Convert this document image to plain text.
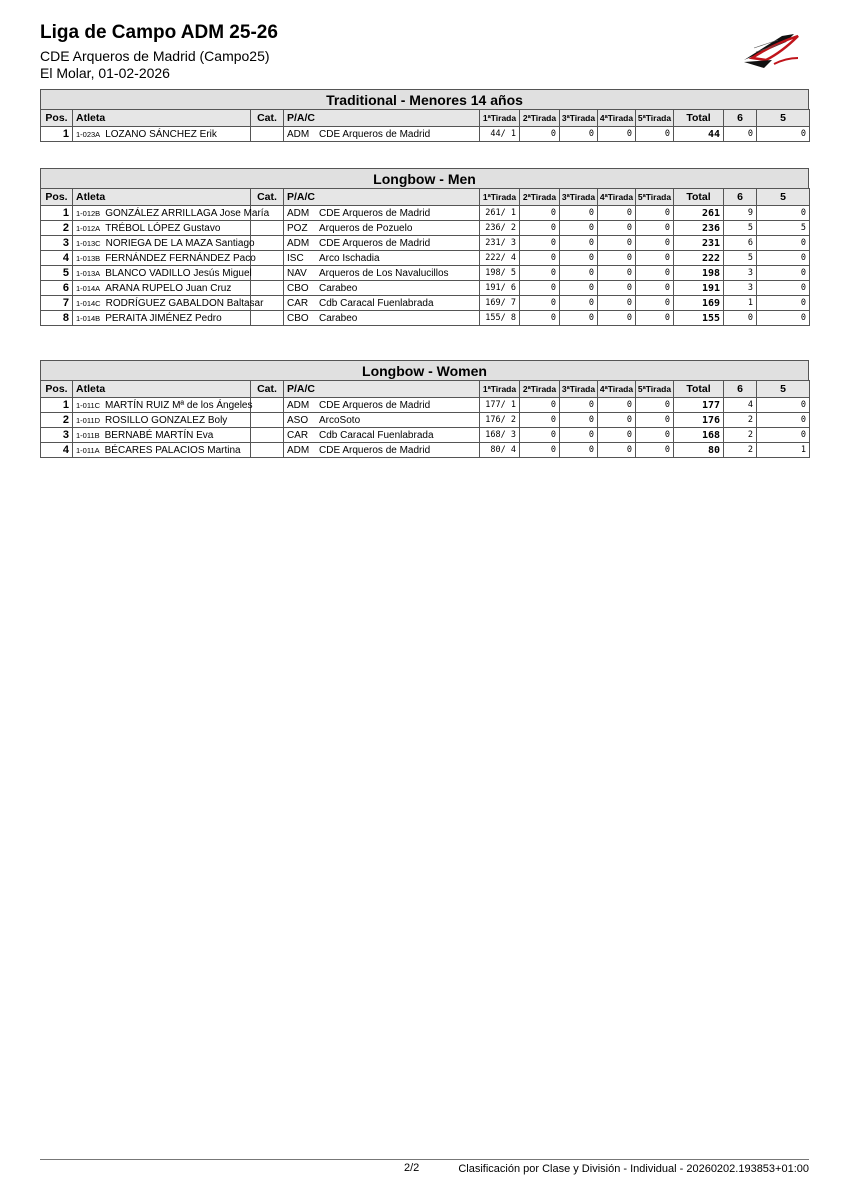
Liga de Campo ADM 25-26
CDE Arqueros de Madrid (Campo25)
El Molar, 01-02-2026
Traditional - Menores 14 años
Pos.	Atleta	Cat.	P/A/C	1ªTirada	2ªTirada	3ªTirada	4ªTirada	5ªTirada	Total	6	5
1	1-023A LOZANO SÁNCHEZ Erik		ADM CDE Arqueros de Madrid	44/ 1	0	0	0	0	44	0	0
Longbow - Men
Pos.	Atleta	Cat.	P/A/C	1ªTirada	2ªTirada	3ªTirada	4ªTirada	5ªTirada	Total	6	5
1	1-012B GONZÁLEZ ARRILLAGA Jose María		ADM CDE Arqueros de Madrid	261/ 1	0	0	0	0	261	9	0
2	1-012A TRÉBOL LÓPEZ Gustavo		POZ Arqueros de Pozuelo	236/ 2	0	0	0	0	236	5	5
3	1-013C NORIEGA DE LA MAZA Santiago		ADM CDE Arqueros de Madrid	231/ 3	0	0	0	0	231	6	0
4	1-013B FERNÁNDEZ FERNÁNDEZ Paco		ISC Arco Ischadia	222/ 4	0	0	0	0	222	5	0
5	1-013A BLANCO VADILLO Jesús Miguel		NAV Arqueros de Los Navalucillos	198/ 5	0	0	0	0	198	3	0
6	1-014A ARANA RUPELO Juan Cruz		CBO Carabeo	191/ 6	0	0	0	0	191	3	0
7	1-014C RODRÍGUEZ GABALDON Baltasar		CAR Cdb Caracal Fuenlabrada	169/ 7	0	0	0	0	169	1	0
8	1-014B PERAITA JIMÉNEZ Pedro		CBO Carabeo	155/ 8	0	0	0	0	155	0	0
Longbow - Women
Pos.	Atleta	Cat.	P/A/C	1ªTirada	2ªTirada	3ªTirada	4ªTirada	5ªTirada	Total	6	5
1	1-011C MARTÍN RUIZ Mª de los Ángeles		ADM CDE Arqueros de Madrid	177/ 1	0	0	0	0	177	4	0
2	1-011D ROSILLO GONZALEZ Boly		ASO ArcoSoto	176/ 2	0	0	0	0	176	2	0
3	1-011B BERNABÉ MARTÍN Eva		CAR Cdb Caracal Fuenlabrada	168/ 3	0	0	0	0	168	2	0
4	1-011A BÉCARES PALACIOS Martina		ADM CDE Arqueros de Madrid	80/ 4	0	0	0	0	80	2	1
2/2	Clasificación por Clase y División - Individual - 20260202.193853+01:00
